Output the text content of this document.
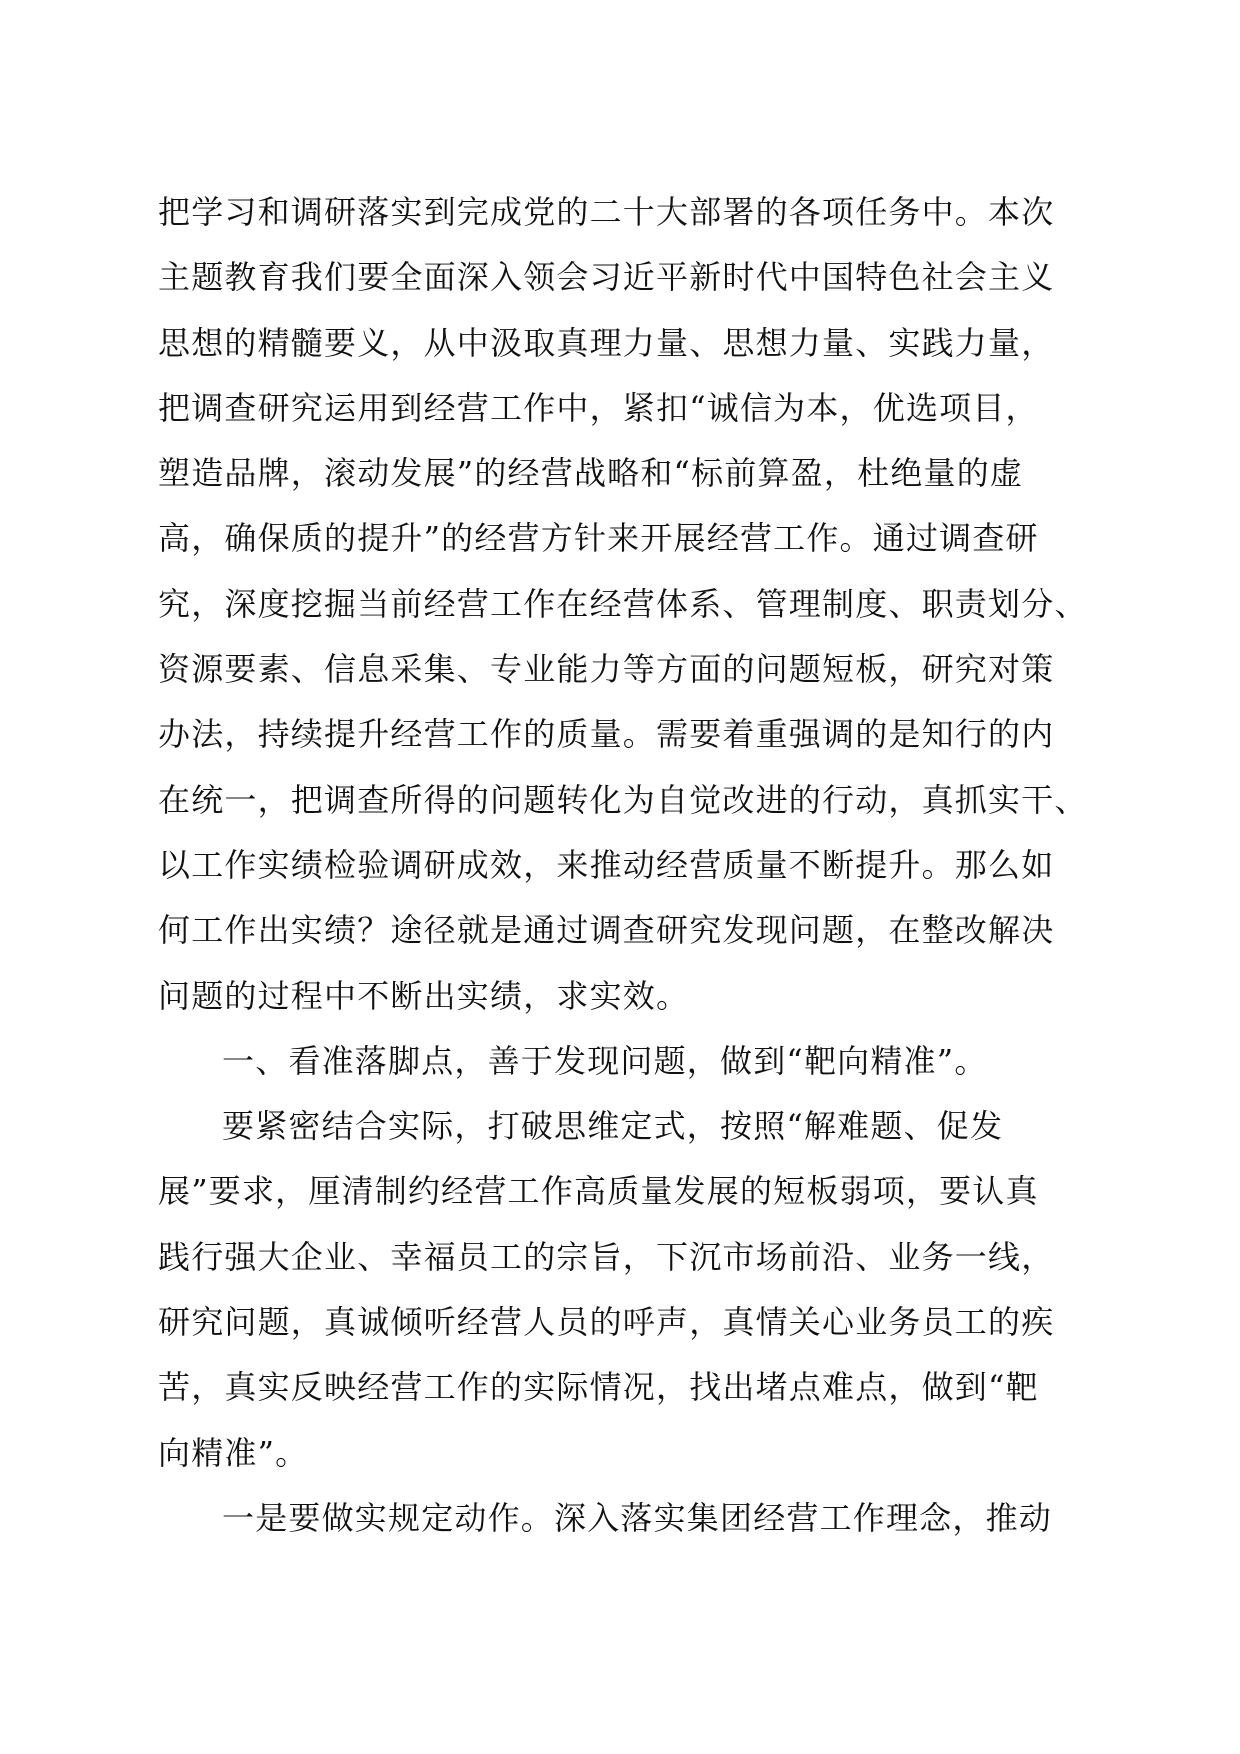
把学习和调研落实到完成党的二十大部署的各项任务中。本次
主题教育我们要全面深入领会习近平新时代中国特色社会主义
思想的精髓要义，从中汲取真理力量、思想力量、实践力量，
把调查研究运用到经营工作中，紧扣“诚信为本，优选项目，
塑造品牌，滚动发展”的经营战略和“标前算盈，杜绝量的虚
高，确保质的提升”的经营方针来开展经营工作。通过调查研
究，深度挖掘当前经营工作在经营体系、管理制度、职责划分、
资源要素、信息采集、专业能力等方面的问题短板，研究对策
办法，持续提升经营工作的质量。需要着重强调的是知行的内
在统一，把调查所得的问题转化为自觉改进的行动，真抓实干、
以工作实绩检验调研成效，来推动经营质量不断提升。那么如
何工作出实绩？途径就是通过调查研究发现问题，在整改解决
问题的过程中不断出实绩，求实效。
一、看准落脚点，善于发现问题，做到“靶向精准”。
要紧密结合实际，打破思维定式，按照“解难题、促发
展”要求，厘清制约经营工作高质量发展的短板弱项，要认真
践行强大企业、幸福员工的宗旨，下沉市场前沿、业务一线，
研究问题，真诚倾听经营人员的呼声，真情关心业务员工的疾
苦，真实反映经营工作的实际情况，找出堵点难点，做到“靶
向精准”。
一是要做实规定动作。深入落实集团经营工作理念，推动
